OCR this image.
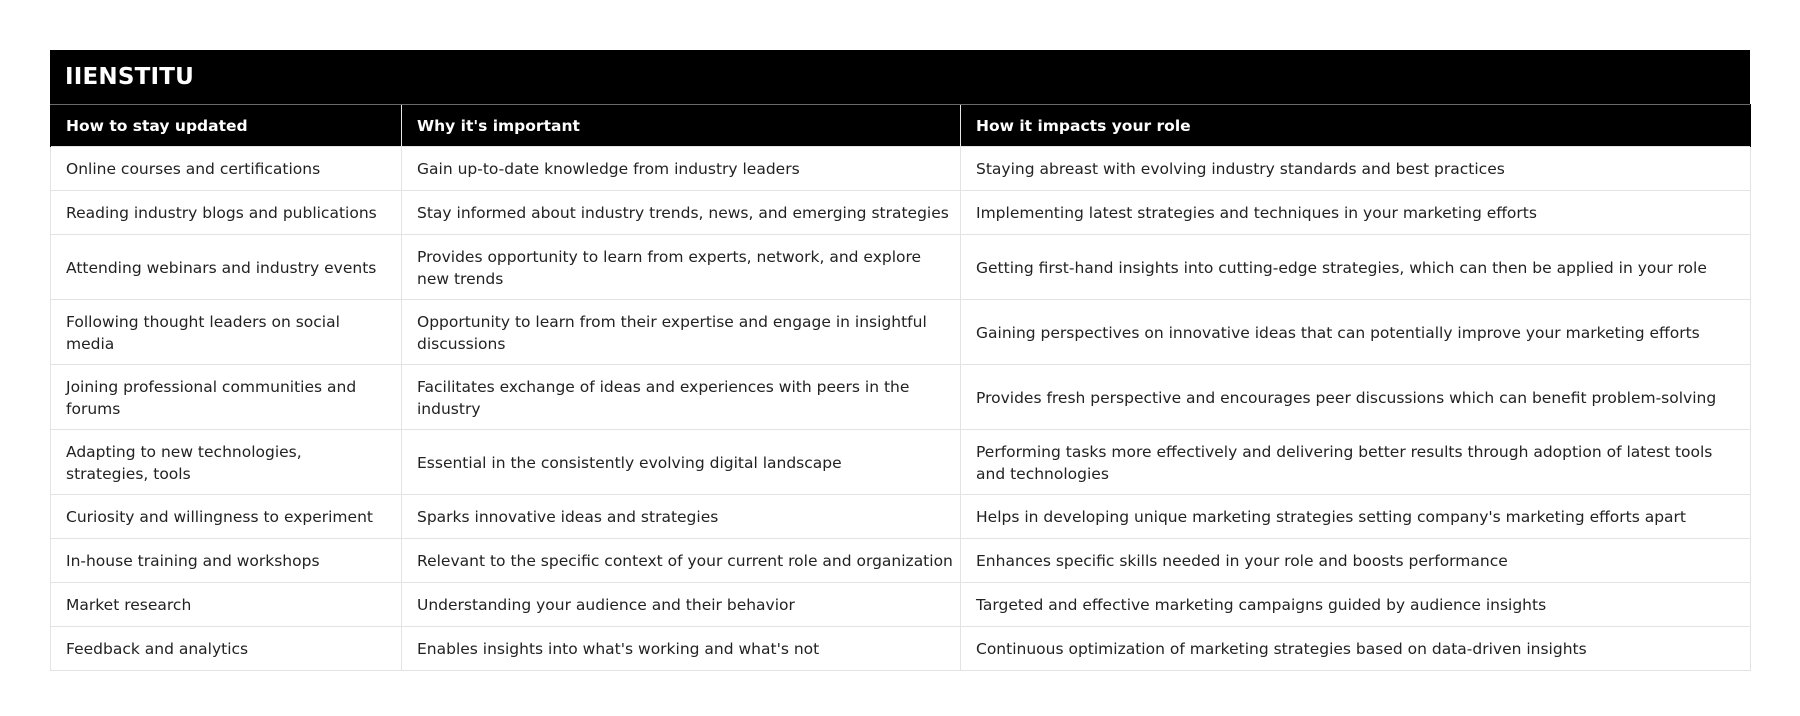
IIENSTITU
How to stay updated	Why it's important	How it impacts your role
Online courses and certifications	Gain up-to-date knowledge from industry leaders	Staying abreast with evolving industry standards and best practices
Reading industry blogs and publications	Stay informed about industry trends, news, and emerging strategies	Implementing latest strategies and techniques in your marketing efforts
Attending webinars and industry events	Provides opportunity to learn from experts, network, and explore new trends	Getting first-hand insights into cutting-edge strategies, which can then be applied in your role
Following thought leaders on social media	Opportunity to learn from their expertise and engage in insightful discussions	Gaining perspectives on innovative ideas that can potentially improve your marketing efforts
Joining professional communities and forums	Facilitates exchange of ideas and experiences with peers in the industry	Provides fresh perspective and encourages peer discussions which can benefit problem-solving
Adapting to new technologies, strategies, tools	Essential in the consistently evolving digital landscape	Performing tasks more effectively and delivering better results through adoption of latest tools and technologies
Curiosity and willingness to experiment	Sparks innovative ideas and strategies	Helps in developing unique marketing strategies setting company's marketing efforts apart
In-house training and workshops	Relevant to the specific context of your current role and organization	Enhances specific skills needed in your role and boosts performance
Market research	Understanding your audience and their behavior	Targeted and effective marketing campaigns guided by audience insights
Feedback and analytics	Enables insights into what's working and what's not	Continuous optimization of marketing strategies based on data-driven insights
